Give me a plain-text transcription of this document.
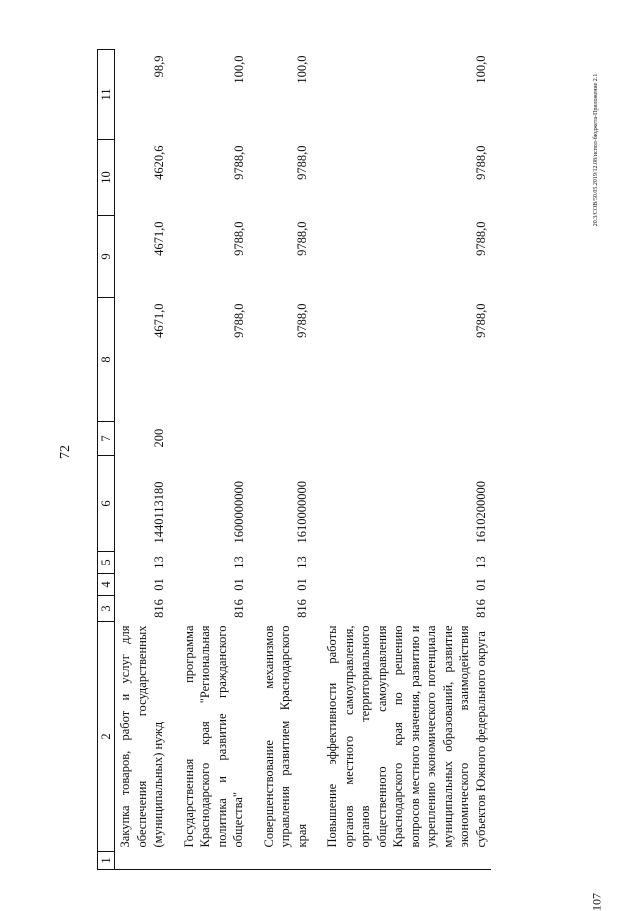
72
20.3/СОВ/50.05.2019/12.08/испол-бюджета-Приложение 2.1
107
1	2	3	4	5	6	7	8	9	10	11
	Закупка товаров, работ и услуг для обеспечения государственных (муниципальных) нужд	816	01	13	1440113180	200	4671,0	4671,0	4620,6	98,9
	Государственная программа Краснодарского края "Региональная политика и развитие гражданского общества"	816	01	13	1600000000		9788,0	9788,0	9788,0	100,0
	Совершенствование механизмов управления развитием Краснодарского края	816	01	13	1610000000		9788,0	9788,0	9788,0	100,0
	Повышение эффективности работы органов местного самоуправления, органов территориального общественного самоуправления Краснодарского края по решению вопросов местного значения, развитию и укреплению экономического потенциала муниципальных образований, развитие экономического взаимодействия субъектов Южного федерального округа	816	01	13	1610200000		9788,0	9788,0	9788,0	100,0
